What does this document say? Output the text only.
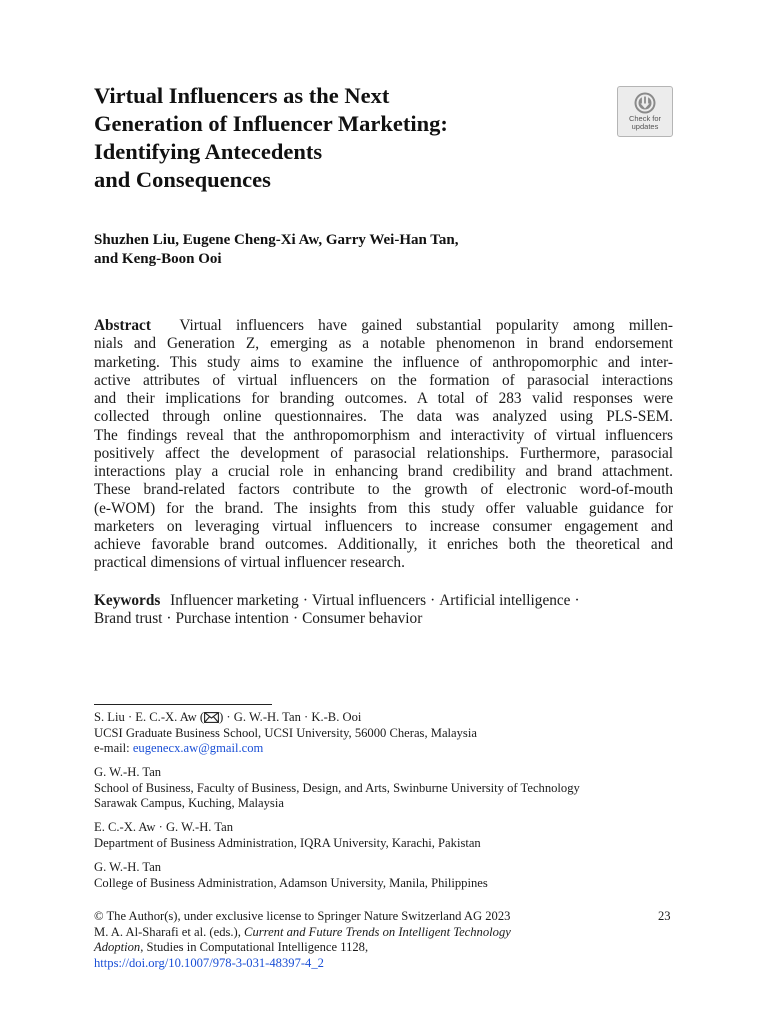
Virtual Influencers as the Next
Generation of Influencer Marketing:
Identifying Antecedents
and Consequences
Check for
updates
Shuzhen Liu, Eugene Cheng-Xi Aw, Garry Wei-Han Tan,
and Keng-Boon Ooi
Abstract Virtual influencers have gained substantial popularity among millen-
nials and Generation Z, emerging as a notable phenomenon in brand endorsement
marketing. This study aims to examine the influence of anthropomorphic and inter-
active attributes of virtual influencers on the formation of parasocial interactions
and their implications for branding outcomes. A total of 283 valid responses were
collected through online questionnaires. The data was analyzed using PLS-SEM.
The findings reveal that the anthropomorphism and interactivity of virtual influencers
positively affect the development of parasocial relationships. Furthermore, parasocial
interactions play a crucial role in enhancing brand credibility and brand attachment.
These brand-related factors contribute to the growth of electronic word-of-mouth
(e-WOM) for the brand. The insights from this study offer valuable guidance for
marketers on leveraging virtual influencers to increase consumer engagement and
achieve favorable brand outcomes. Additionally, it enriches both the theoretical and
practical dimensions of virtual influencer research.
Keywords Influencer marketing · Virtual influencers · Artificial intelligence ·
Brand trust · Purchase intention · Consumer behavior
S. Liu · E. C.-X. Aw ( ) · G. W.-H. Tan · K.-B. Ooi
UCSI Graduate Business School, UCSI University, 56000 Cheras, Malaysia
e-mail: eugenecx.aw@gmail.com
G. W.-H. Tan
School of Business, Faculty of Business, Design, and Arts, Swinburne University of Technology
Sarawak Campus, Kuching, Malaysia
E. C.-X. Aw · G. W.-H. Tan
Department of Business Administration, IQRA University, Karachi, Pakistan
G. W.-H. Tan
College of Business Administration, Adamson University, Manila, Philippines
© The Author(s), under exclusive license to Springer Nature Switzerland AG 2023
M. A. Al-Sharafi et al. (eds.), Current and Future Trends on Intelligent Technology
Adoption, Studies in Computational Intelligence 1128,
https://doi.org/10.1007/978-3-031-48397-4_2
23
